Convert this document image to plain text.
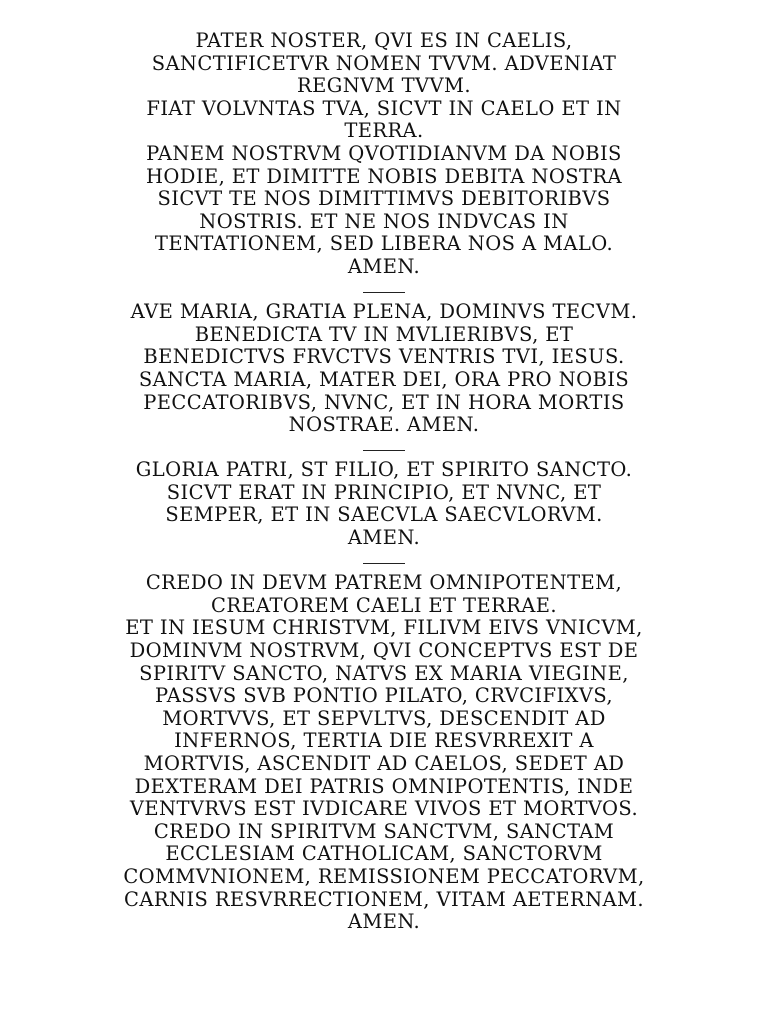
PATER NOSTER, QVI ES IN CAELIS,
SANCTIFICETVR NOMEN TVVM. ADVENIAT
REGNVM TVVM.
FIAT VOLVNTAS TVA, SICVT IN CAELO ET IN
TERRA.
PANEM NOSTRVM QVOTIDIANVM DA NOBIS
HODIE, ET DIMITTE NOBIS DEBITA NOSTRA
SICVT TE NOS DIMITTIMVS DEBITORIBVS
NOSTRIS. ET NE NOS INDVCAS IN
TENTATIONEM, SED LIBERA NOS A MALO.
AMEN.
AVE MARIA, GRATIA PLENA, DOMINVS TECVM.
BENEDICTA TV IN MVLIERIBVS, ET
BENEDICTVS FRVCTVS VENTRIS TVI, IESUS.
SANCTA MARIA, MATER DEI, ORA PRO NOBIS
PECCATORIBVS, NVNC, ET IN HORA MORTIS
NOSTRAE. AMEN.
GLORIA PATRI, ST FILIO, ET SPIRITO SANCTO.
SICVT ERAT IN PRINCIPIO, ET NVNC, ET
SEMPER, ET IN SAECVLA SAECVLORVM.
AMEN.
CREDO IN DEVM PATREM OMNIPOTENTEM,
CREATOREM CAELI ET TERRAE.
ET IN IESUM CHRISTVM, FILIVM EIVS VNICVM,
DOMINVM NOSTRVM, QVI CONCEPTVS EST DE
SPIRITV SANCTO, NATVS EX MARIA VIEGINE,
PASSVS SVB PONTIO PILATO, CRVCIFIXVS,
MORTVVS, ET SEPVLTVS, DESCENDIT AD
INFERNOS, TERTIA DIE RESVRREXIT A
MORTVIS, ASCENDIT AD CAELOS, SEDET AD
DEXTERAM DEI PATRIS OMNIPOTENTIS, INDE
VENTVRVS EST IVDICARE VIVOS ET MORTVOS.
CREDO IN SPIRITVM SANCTVM, SANCTAM
ECCLESIAM CATHOLICAM, SANCTORVM
COMMVNIONEM, REMISSIONEM PECCATORVM,
CARNIS RESVRRECTIONEM, VITAM AETERNAM.
AMEN.
